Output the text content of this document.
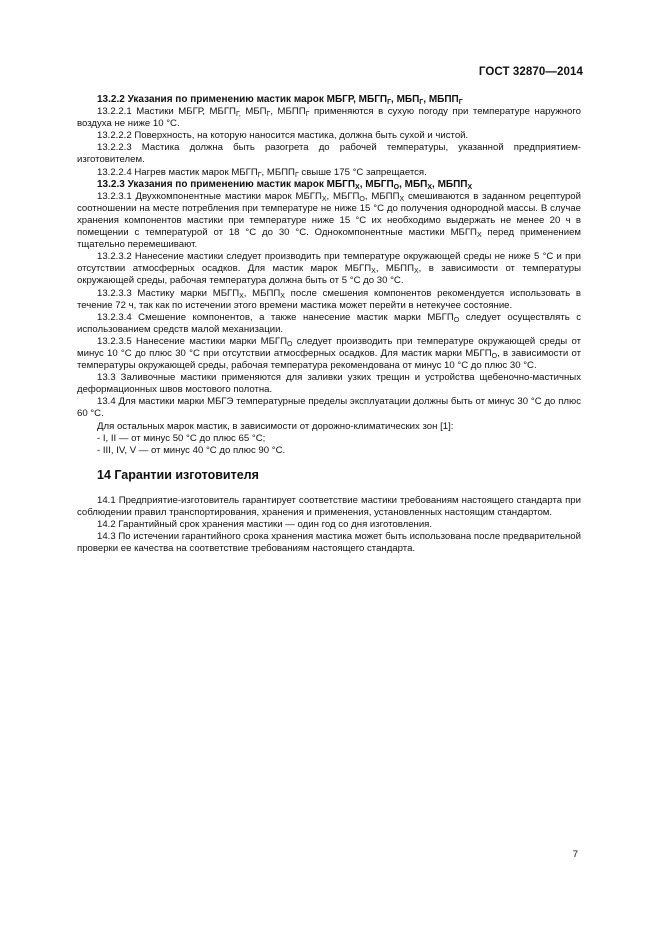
ГОСТ 32870—2014

13.2.2 Указания по применению мастик марок МБГР, $МБГП_Г$, $МБП_Г$, $МБПП_Г$

13.2.2.1 Мастики МБГР, $МБГП_{Г,}$ $МБП_Г$, $МБПП_Г$ применяются в сухую погоду при температуре наружного воздуха не ниже 10 °С.

13.2.2.2 Поверхность, на которую наносится мастика, должна быть сухой и чистой.

13.2.2.3 Мастика должна быть разогрета до рабочей температуры, указанной предприятием-изготовителем.

13.2.2.4 Нагрев мастик марок $МБГП_Г$, $МБПП_Г$ свыше 175 °С запрещается.

13.2.3 Указания по применению мастик марок $МБГП_Х$, $МБГП_О$, $МБП_Х$, $МБПП_Х$

13.2.3.1 Двухкомпонентные мастики марок $МБГП_Х$, $МБГП_О$, $МБПП_Х$ смешиваются в заданном рецептурой соотношении на месте потребления при температуре не ниже 15 °С до получения однородной массы. В случае хранения компонентов мастики при температуре ниже 15 °С их необходимо выдержать не менее 20 ч в помещении с температурой от 18 °С до 30 °С. Однокомпонентные мастики $МБГП_Х$ перед применением тщательно перемешивают.

13.2.3.2 Нанесение мастики следует производить при температуре окружающей среды не ниже 5 °С и при отсутствии атмосферных осадков. Для мастик марок $МБГП_Х$, $МБПП_Х$, в зависимости от температуры окружающей среды, рабочая температура должна быть от 5 °С до 30 °С.

13.2.3.3 Мастику марки $МБГП_Х$, $МБПП_Х$ после смешения компонентов рекомендуется использовать в течение 72 ч, так как по истечении этого времени мастика может перейти в нетекучее состояние.

13.2.3.4 Смешение компонентов, а также нанесение мастик марки $МБГП_О$ следует осуществлять с использованием средств малой механизации.

13.2.3.5 Нанесение мастики марки $МБГП_О$ следует производить при температуре окружающей среды от минус 10 °С до плюс 30 °С при отсутствии атмосферных осадков. Для мастик марки $МБГП_О$, в зависимости от температуры окружающей среды, рабочая температура рекомендована от минус 10 °С до плюс 30 °С.

13.3 Заливочные мастики применяются для заливки узких трещин и устройства щебеночно-мастичных деформационных швов мостового полотна.

13.4 Для мастики марки МБГЭ температурные пределы эксплуатации должны быть от минус 30 °С до плюс 60 °С.

Для остальных марок мастик, в зависимости от дорожно-климатических зон [1]:

- I, II — от минус 50 °С до плюс 65 °С;

- III, IV, V — от минус 40 °С до плюс 90 °С.

14 Гарантии изготовителя

14.1 Предприятие-изготовитель гарантирует соответствие мастики требованиям настоящего стандарта при соблюдении правил транспортирования, хранения и применения, установленных настоящим стандартом.

14.2 Гарантийный срок хранения мастики — один год со дня изготовления.

14.3 По истечении гарантийного срока хранения мастика может быть использована после предварительной проверки ее качества на соответствие требованиям настоящего стандарта.

7
